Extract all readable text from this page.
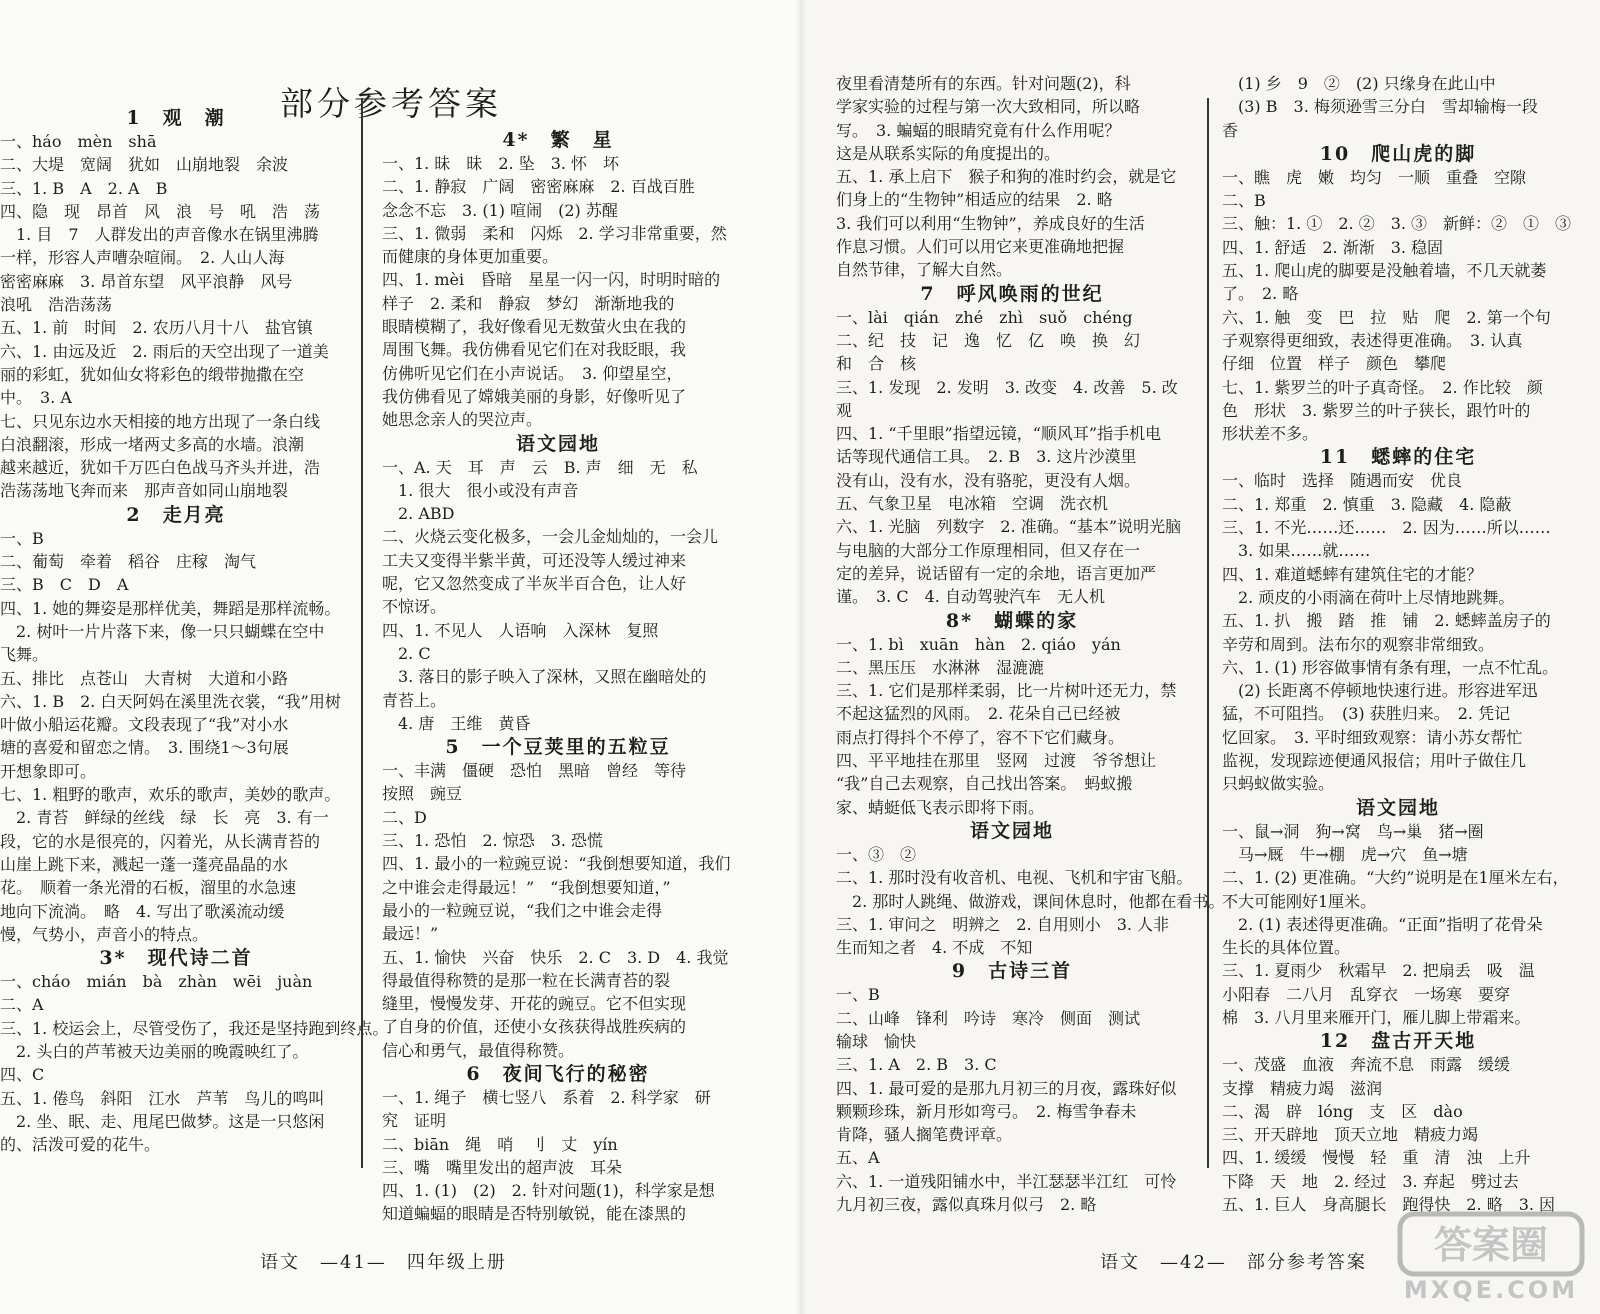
部分参考答案
1　观　潮

一、háo　mèn　shā

二、大堤　宽阔　犹如　山崩地裂　余波

三、1. B　A　2. A　B

四、隐　现　昂首　风　浪　号　吼　浩　荡

1. 目　7　人群发出的声音像水在锅里沸腾

一样，形容人声嘈杂喧闹。　2. 人山人海

密密麻麻　3. 昂首东望　风平浪静　风号

浪吼　浩浩荡荡

五、1. 前　时间　2. 农历八月十八　盐官镇

六、1. 由远及近　2. 雨后的天空出现了一道美

丽的彩虹，犹如仙女将彩色的缎带抛撒在空

中。　3. A

七、只见东边水天相接的地方出现了一条白线

白浪翻滚，形成一堵两丈多高的水墙。浪潮

越来越近，犹如千万匹白色战马齐头并进，浩

浩荡荡地飞奔而来　那声音如同山崩地裂

2　走月亮

一、B

二、葡萄　牵着　稻谷　庄稼　淘气

三、B　C　D　A

四、1. 她的舞姿是那样优美，舞蹈是那样流畅。

2. 树叶一片片落下来，像一只只蝴蝶在空中

飞舞。

五、排比　点苍山　大青树　大道和小路

六、1. B　2. 白天阿妈在溪里洗衣裳，“我”用树

叶做小船运花瓣。文段表现了“我”对小水

塘的喜爱和留恋之情。　3. 围绕1～3句展

开想象即可。

七、1. 粗野的歌声，欢乐的歌声，美妙的歌声。

2. 青苔　鲜绿的丝线　绿　长　亮　3. 有一

段，它的水是很亮的，闪着光，从长满青苔的

山崖上跳下来，溅起一蓬一蓬亮晶晶的水

花。　顺着一条光滑的石板，溜里的水急速

地向下流淌。　略　4. 写出了歌溪流动缓

慢，气势小，声音小的特点。

3*　现代诗二首

一、cháo　mián　bà　zhàn　wēi　juàn

二、A

三、1. 校运会上，尽管受伤了，我还是坚持跑到终点。

2. 头白的芦苇被天边美丽的晚霞映红了。

四、C

五、1. 倦鸟　斜阳　江水　芦苇　鸟儿的鸣叫

2. 坐、眠、走、甩尾巴做梦。这是一只悠闲

的、活泼可爱的花牛。

4*　繁　星

一、1. 昧　昧　2. 坠　3. 怀　坏

二、1. 静寂　广阔　密密麻麻　2. 百战百胜

念念不忘　3. (1) 喧闹　(2) 苏醒

三、1. 微弱　柔和　闪烁　2. 学习非常重要，然

而健康的身体更加重要。

四、1. mèi　昏暗　星星一闪一闪，时明时暗的

样子　2. 柔和　静寂　梦幻　渐渐地我的

眼睛模糊了，我好像看见无数萤火虫在我的

周围飞舞。我仿佛看见它们在对我眨眼，我

仿佛听见它们在小声说话。　3. 仰望星空，

我仿佛看见了嫦娥美丽的身影，好像听见了

她思念亲人的哭泣声。

语文园地

一、A. 天　耳　声　云　B. 声　细　无　私

1. 很大　很小或没有声音

2. ABD

二、火烧云变化极多，一会儿金灿灿的，一会儿

工夫又变得半紫半黄，可还没等人缓过神来

呢，它又忽然变成了半灰半百合色，让人好

不惊讶。

四、1. 不见人　人语响　入深林　复照

2. C

3. 落日的影子映入了深林，又照在幽暗处的

青苔上。

4. 唐　王维　黄昏

5　一个豆荚里的五粒豆

一、丰满　僵硬　恐怕　黑暗　曾经　等待

按照　豌豆

二、D

三、1. 恐怕　2. 惊恐　3. 恐慌

四、1. 最小的一粒豌豆说：“我倒想要知道，我们

之中谁会走得最远！”　“我倒想要知道，”

最小的一粒豌豆说，“我们之中谁会走得

最远！”

五、1. 愉快　兴奋　快乐　2. C　3. D　4. 我觉

得最值得称赞的是那一粒在长满青苔的裂

缝里，慢慢发芽、开花的豌豆。它不但实现

了自身的价值，还使小女孩获得战胜疾病的

信心和勇气，最值得称赞。

6　夜间飞行的秘密

一、1. 绳子　横七竖八　系着　2. 科学家　研

究　证明

二、biān　绳　哨　刂　丈　yín

三、嘴　嘴里发出的超声波　耳朵

四、1. (1)　(2)　2. 针对问题(1)，科学家是想

知道蝙蝠的眼睛是否特别敏锐，能在漆黑的

夜里看清楚所有的东西。针对问题(2)，科

学家实验的过程与第一次大致相同，所以略

写。　3. 蝙蝠的眼睛究竟有什么作用呢？

这是从联系实际的角度提出的。

五、1. 承上启下　猴子和狗的准时约会，就是它

们身上的“生物钟”相适应的结果　2. 略

3. 我们可以利用“生物钟”，养成良好的生活

作息习惯。人们可以用它来更准确地把握

自然节律，了解大自然。

7　呼风唤雨的世纪

一、lài　qián　zhé　zhì　suǒ　chéng

二、纪　技　记　逸　忆　亿　唤　换　幻

和　合　核

三、1. 发现　2. 发明　3. 改变　4. 改善　5. 改

观

四、1. “千里眼”指望远镜，“顺风耳”指手机电

话等现代通信工具。　2. B　3. 这片沙漠里

没有山，没有水，没有骆驼，更没有人烟。

五、气象卫星　电冰箱　空调　洗衣机

六、1. 光脑　列数字　2. 准确。“基本”说明光脑

与电脑的大部分工作原理相同，但又存在一

定的差异，说话留有一定的余地，语言更加严

谨。　3. C　4. 自动驾驶汽车　无人机

8*　蝴蝶的家

一、1. bì　xuān　hàn　2. qiáo　yán

二、黑压压　水淋淋　湿漉漉

三、1. 它们是那样柔弱，比一片树叶还无力，禁

不起这猛烈的风雨。　2. 花朵自己已经被

雨点打得抖个不停了，容不下它们藏身。

四、平平地挂在那里　竖网　过渡　爷爷想让

“我”自己去观察，自己找出答案。　蚂蚁搬

家、蜻蜓低飞表示即将下雨。

语文园地

一、③　②

二、1. 那时没有收音机、电视、飞机和宇宙飞船。

2. 那时人跳绳、做游戏，课间休息时，他都在看书。

三、1. 审问之　明辨之　2. 自用则小　3. 人非

生而知之者　4. 不成　不知

9　古诗三首

一、B

二、山峰　锋利　吟诗　寒冷　侧面　测试

输球　愉快

三、1. A　2. B　3. C

四、1. 最可爱的是那九月初三的月夜，露珠好似

颗颗珍珠，新月形如弯弓。　2. 梅雪争春未

肯降，骚人搁笔费评章。

五、A

六、1. 一道残阳铺水中，半江瑟瑟半江红　可怜

九月初三夜，露似真珠月似弓　2. 略

(1) 乡　9　②　(2) 只缘身在此山中

(3) B　3. 梅须逊雪三分白　雪却输梅一段

香

10　爬山虎的脚

一、瞧　虎　嫩　均匀　一顺　重叠　空隙

二、B

三、触：1. ①　2. ②　3. ③　新鲜：②　①　③

四、1. 舒适　2. 渐渐　3. 稳固

五、1. 爬山虎的脚要是没触着墙，不几天就萎

了。　2. 略

六、1. 触　变　巴　拉　贴　爬　2. 第一个句

子观察得更细致，表述得更准确。　3. 认真

仔细　位置　样子　颜色　攀爬

七、1. 紫罗兰的叶子真奇怪。　2. 作比较　颜

色　形状　3. 紫罗兰的叶子狭长，跟竹叶的

形状差不多。

11　蟋蟀的住宅

一、临时　选择　随遇而安　优良

二、1. 郑重　2. 慎重　3. 隐藏　4. 隐蔽

三、1. 不光……还……　2. 因为……所以……

3. 如果……就……

四、1. 难道蟋蟀有建筑住宅的才能？

2. 顽皮的小雨滴在荷叶上尽情地跳舞。

五、1. 扒　搬　踏　推　铺　2. 蟋蟀盖房子的

辛劳和周到。法布尔的观察非常细致。

六、1. (1) 形容做事情有条有理，一点不忙乱。

(2) 长距离不停顿地快速行进。形容进军迅

猛，不可阻挡。　(3) 获胜归来。　2. 凭记

忆回家。　3. 平时细致观察：请小苏女帮忙

监视，发现踪迹便通风报信；用叶子做住几

只蚂蚁做实验。

语文园地

一、鼠→洞　狗→窝　鸟→巢　猪→圈

马→厩　牛→棚　虎→穴　鱼→塘

二、1. (2) 更准确。“大约”说明是在1厘米左右，

不大可能刚好1厘米。

2. (1) 表述得更准确。“正面”指明了花骨朵

生长的具体位置。

三、1. 夏雨少　秋霜早　2. 把扇丢　吸　温

小阳春　二八月　乱穿衣　一场寒　要穿

棉　3. 八月里来雁开门，雁儿脚上带霜来。

12　盘古开天地

一、茂盛　血液　奔流不息　雨露　缓缓

支撑　精疲力竭　滋润

二、渴　辟　lóng　支　区　dào

三、开天辟地　顶天立地　精疲力竭

四、1. 缓缓　慢慢　轻　重　清　浊　上升

下降　天　地　2. 经过　3. 弃起　劈过去

五、1. 巨人　身高腿长　跑得快　2. 略　3. 因

语文　—41—　四年级上册	语文　—42—　部分参考答案 答案圈
MXQE.COM
